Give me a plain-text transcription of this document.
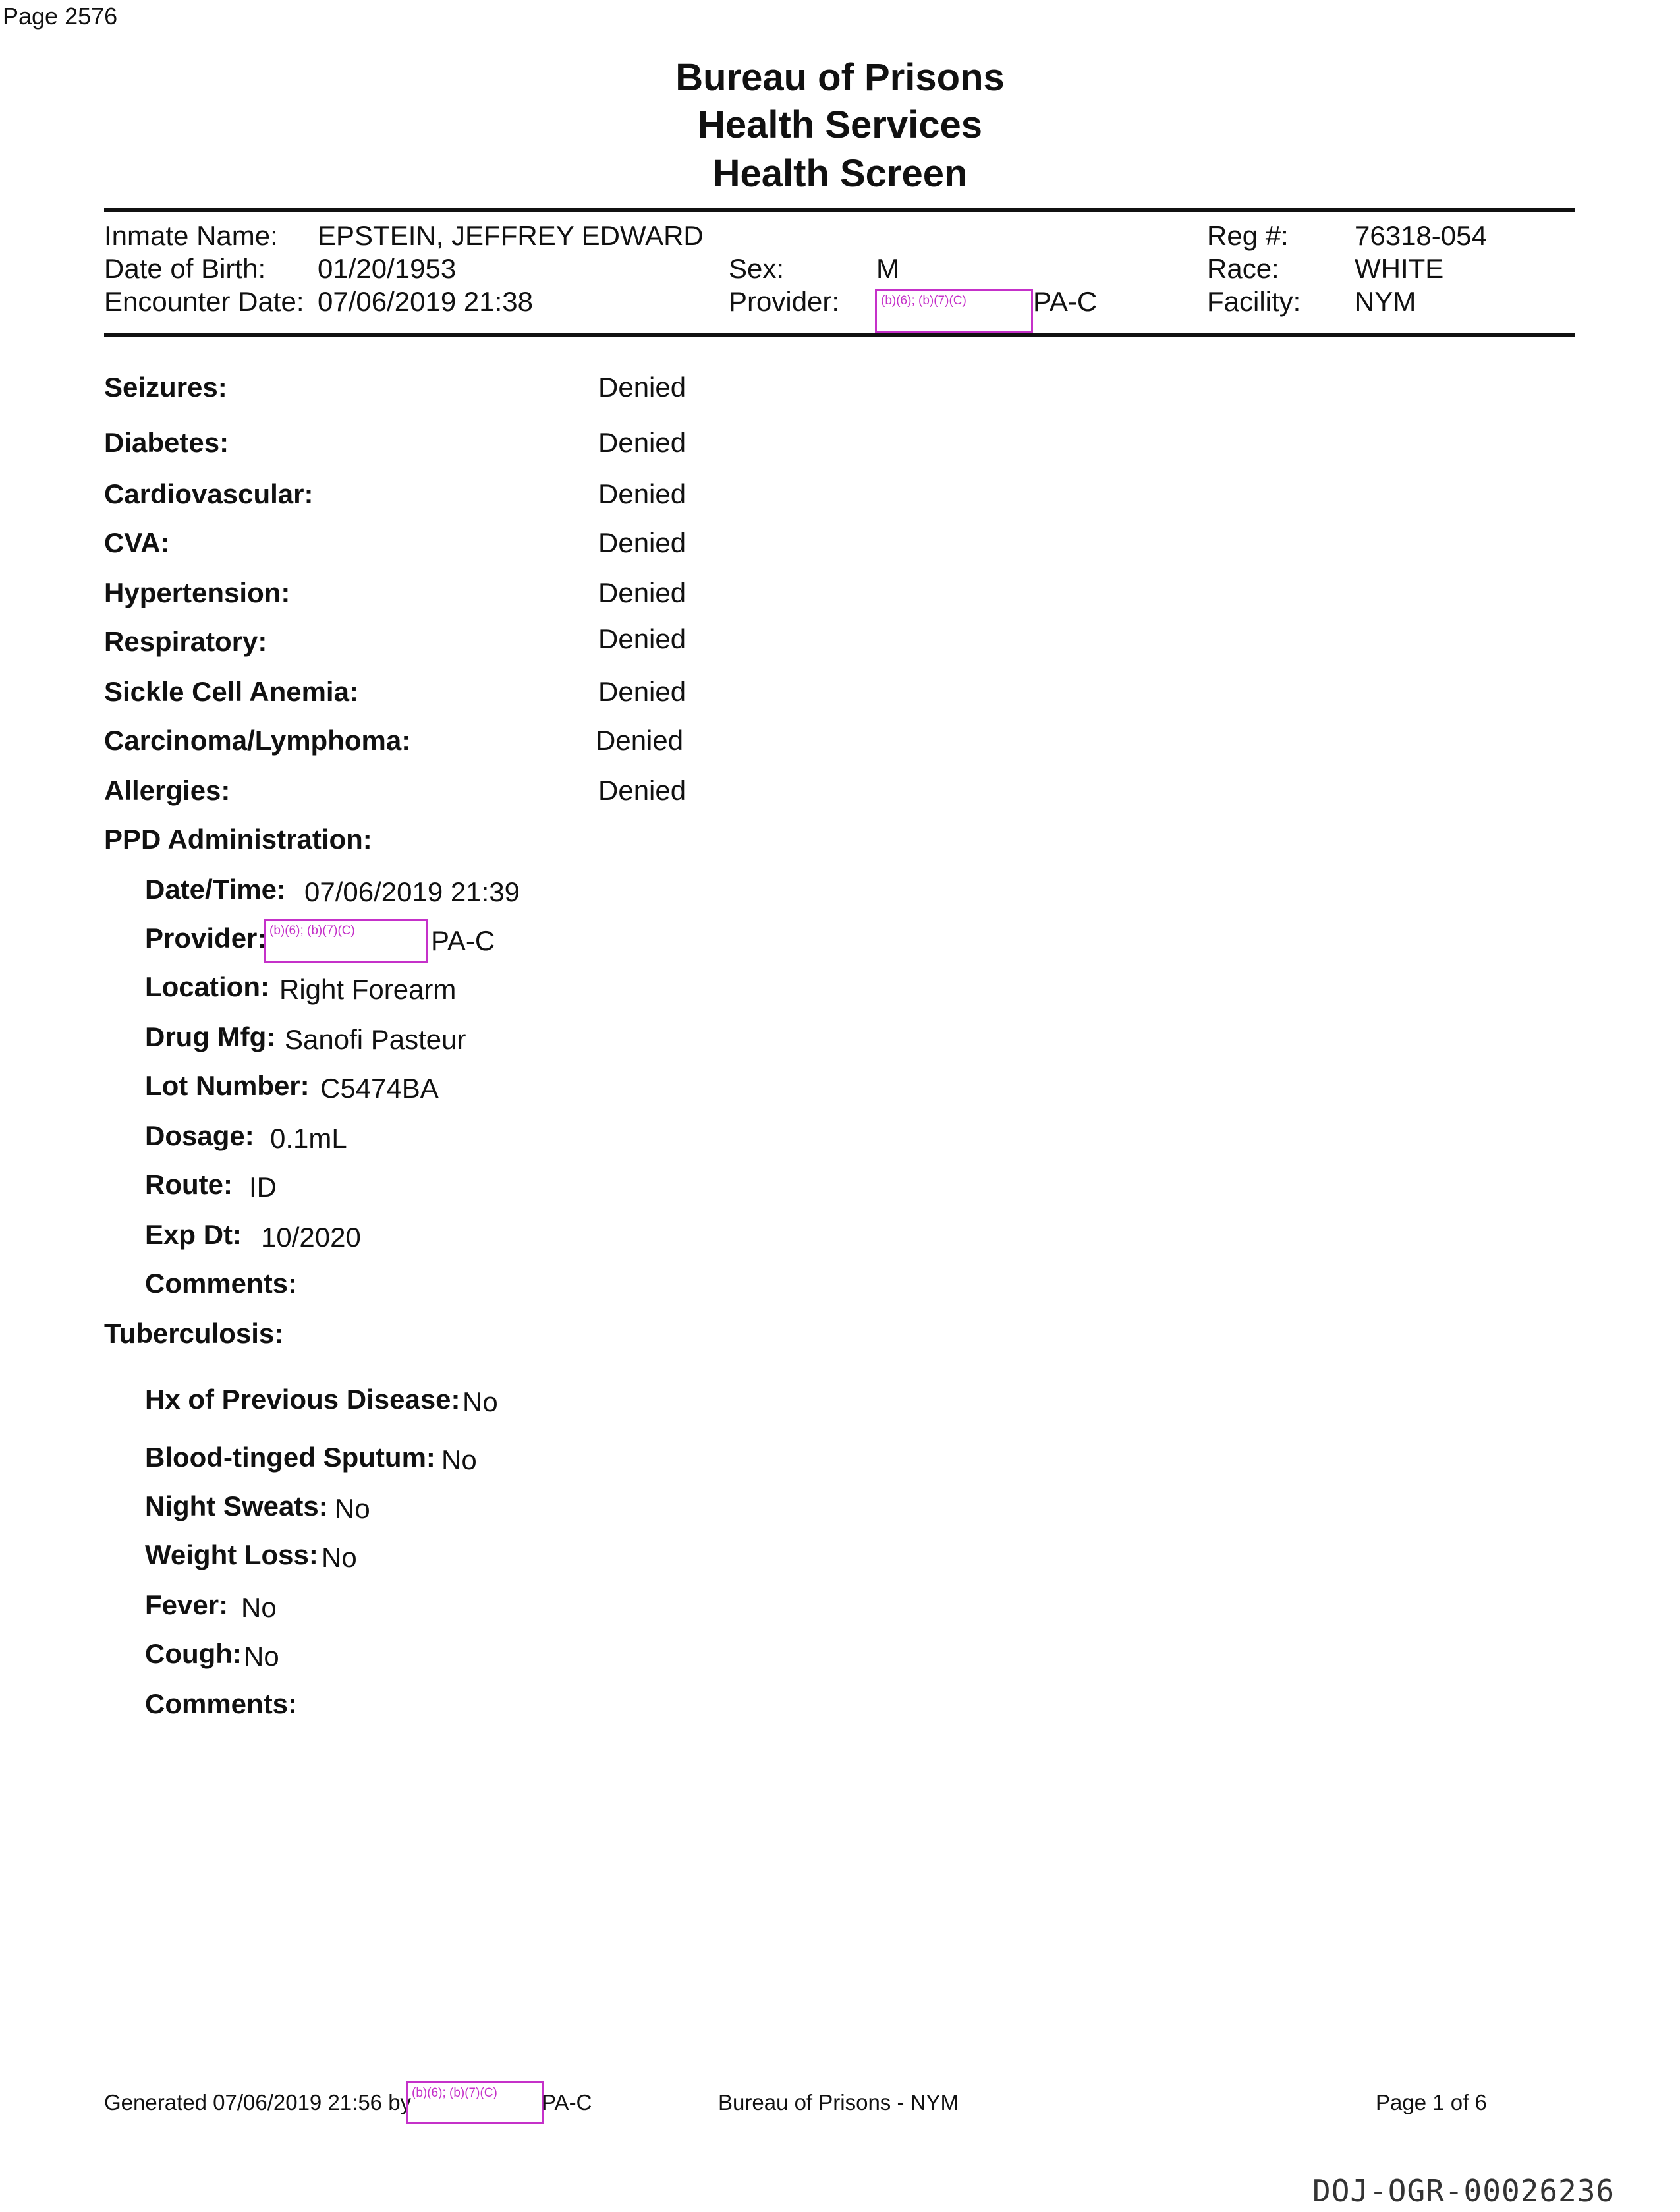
Page 2576
Bureau of Prisons
Health Services
Health Screen
Inmate Name: EPSTEIN, JEFFREY EDWARD
Date of Birth: 01/20/1953
Encounter Date: 07/06/2019 21:38
Sex:	M
Provider:	(b)(6); (b)(7)(C)	PA-C
Reg #: 76318-054
Race:	WHITE
Facility: NYM
Seizures:	Denied
Diabetes:	Denied
Cardiovascular:	Denied
CVA:	Denied
Hypertension:	Denied
Respiratory:	Denied
Sickle Cell Anemia:	Denied
Carcinoma/Lymphoma:	Denied
Allergies:	Denied
PPD Administration:
Date/Time: 07/06/2019 21:39
Provider: (b)(6); (b)(7)(C)	PA-C
Location: Right Forearm
Drug Mfg: Sanofi Pasteur
Lot Number: C5474BA
Dosage: 0.1mL
Route: ID
Exp Dt: 10/2020
Comments:
Tuberculosis:
Hx of Previous Disease: No
Blood-tinged Sputum: No
Night Sweats: No
Weight Loss: No
Fever: No
Cough: No
Comments:
Generated 07/06/2019 21:56 by (b)(6); (b)(7)(C)	PA-C	Bureau of Prisons - NYM	Page 1 of 6
DOJ-OGR-00026236
